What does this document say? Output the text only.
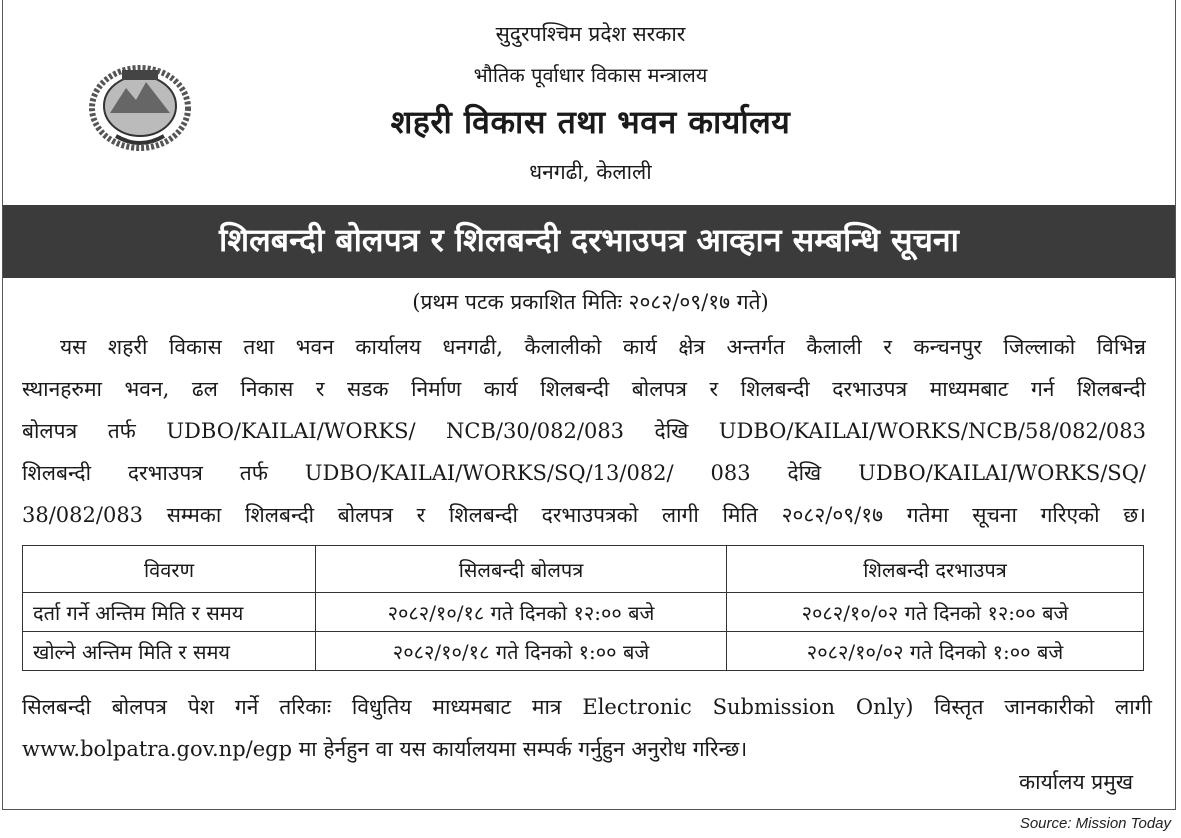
सुदुरपश्चिम प्रदेश सरकार
भौतिक पूर्वाधार विकास मन्त्रालय
शहरी विकास तथा भवन कार्यालय
धनगढी, केलाली
शिलबन्दी बोलपत्र र शिलबन्दी दरभाउपत्र आव्हान सम्बन्धि सूचना
(प्रथम पटक प्रकाशित मितिः २०८२/०९/१७ गते)
यस शहरी विकास तथा भवन कार्यालय धनगढी, कैलालीको कार्य क्षेत्र अन्तर्गत कैलाली र कन्चनपुर जिल्लाको विभिन्न
स्थानहरुमा भवन, ढल निकास र सडक निर्माण कार्य शिलबन्दी बोलपत्र र शिलबन्दी दरभाउपत्र माध्यमबाट गर्न शिलबन्दी
बोलपत्र तर्फ UDBO/KAILAI/WORKS/ NCB/30/082/083 देखि UDBO/KAILAI/WORKS/NCB/58/082/083
शिलबन्दी दरभाउपत्र तर्फ UDBO/KAILAI/WORKS/SQ/13/082/ 083 देखि UDBO/KAILAI/WORKS/SQ/
38/082/083 सम्मका शिलबन्दी बोलपत्र र शिलबन्दी दरभाउपत्रको लागी मिति २०८२/०९/१७ गतेमा सूचना गरिएको छ।
विवरण	सिलबन्दी बोलपत्र	शिलबन्दी दरभाउपत्र
दर्ता गर्ने अन्तिम मिति र समय	२०८२/१०/१८ गते दिनको १२:०० बजे	२०८२/१०/०२ गते दिनको १२:०० बजे
खोल्ने अन्तिम मिति र समय	२०८२/१०/१८ गते दिनको १:०० बजे	२०८२/१०/०२ गते दिनको १:०० बजे
सिलबन्दी बोलपत्र पेश गर्ने तरिकाः विधुतिय माध्यमबाट मात्र Electronic Submission Only) विस्तृत जानकारीको लागी
www.bolpatra.gov.np/egp मा हेर्नहुन वा यस कार्यालयमा सम्पर्क गर्नुहुन अनुरोध गरिन्छ।
कार्यालय प्रमुख
Source: Mission Today
